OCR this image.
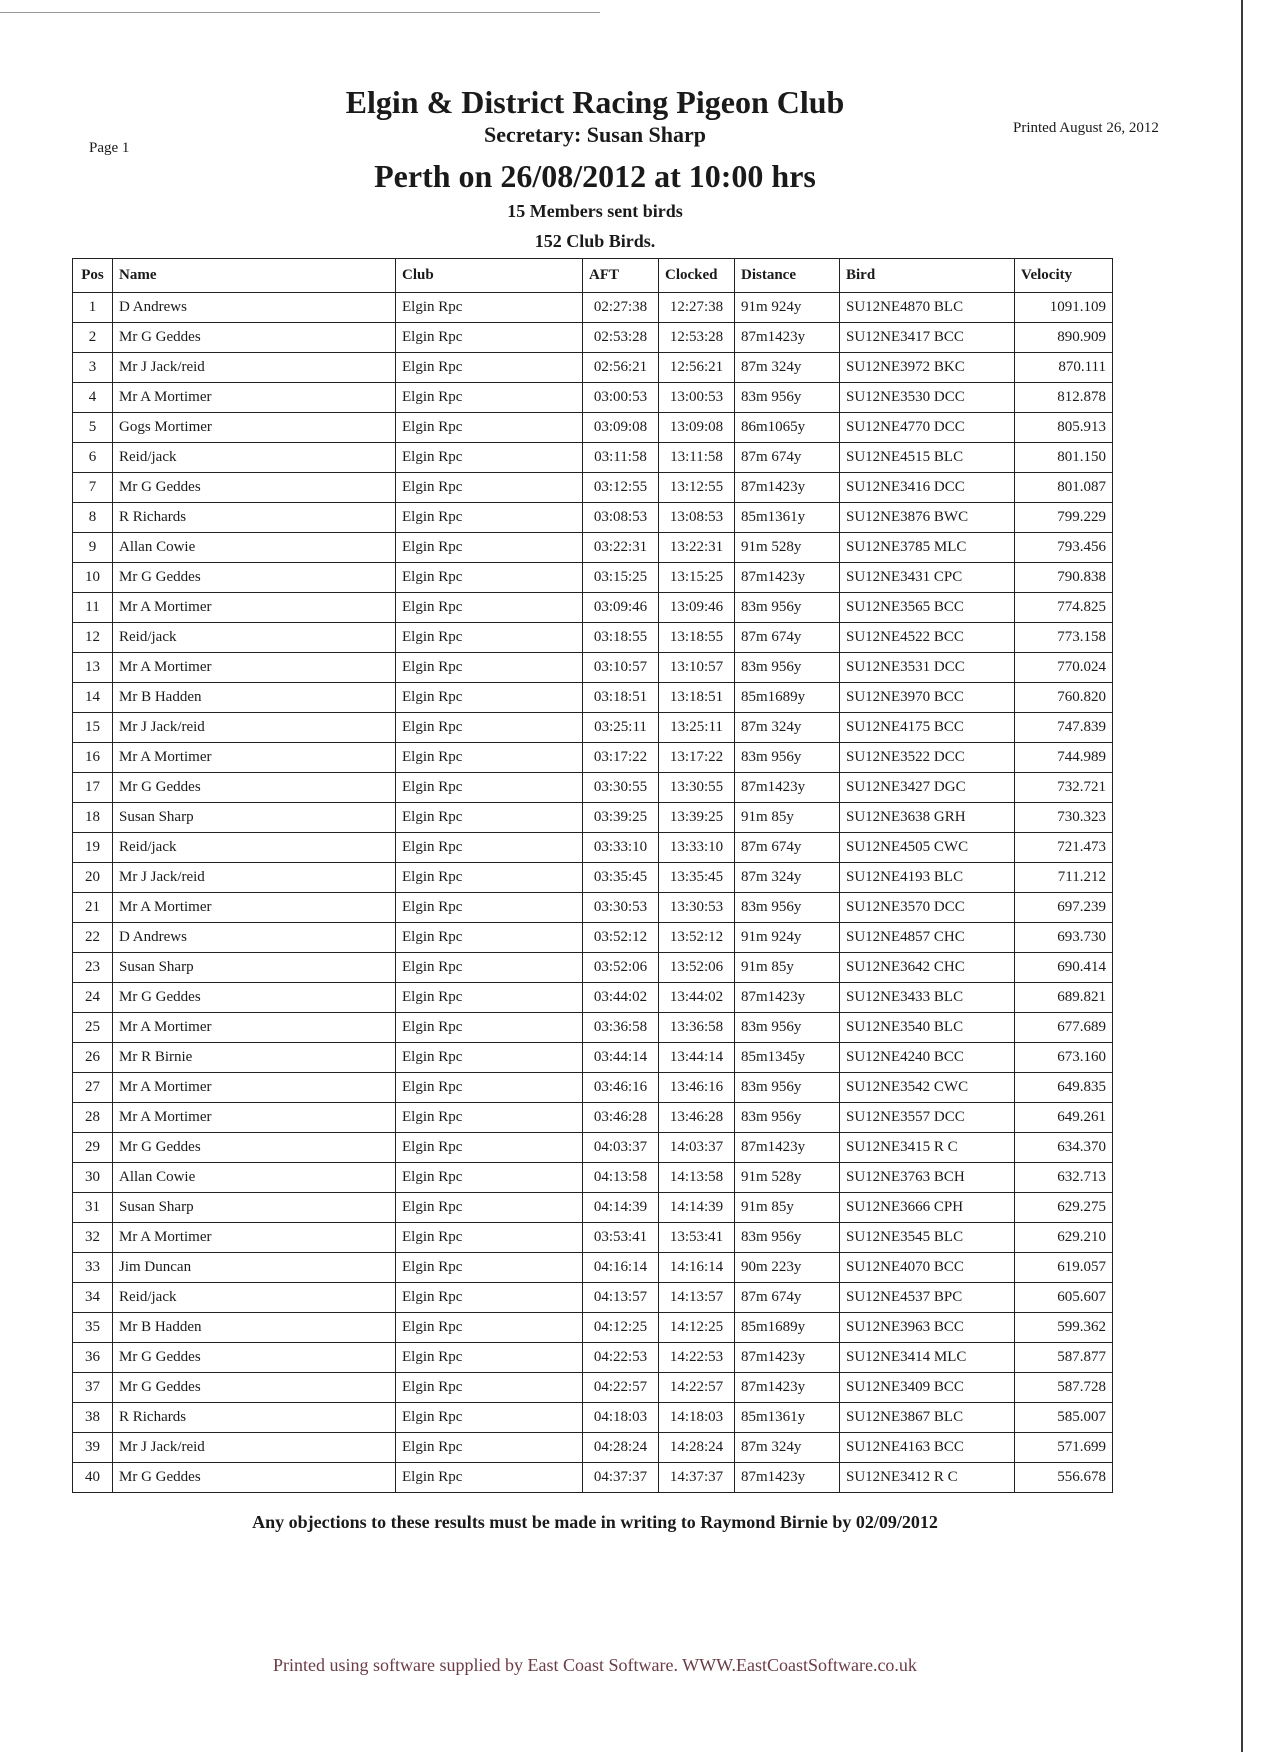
Elgin & District Racing Pigeon Club
Secretary: Susan Sharp
Page 1
Printed August 26, 2012
Perth on 26/08/2012 at 10:00 hrs
15 Members sent birds
152 Club Birds.
Pos	Name	Club	AFT	Clocked	Distance	Bird	Velocity
1	D Andrews	Elgin Rpc	02:27:38	12:27:38	91m 924y	SU12NE4870 BLC	1091.109
2	Mr G Geddes	Elgin Rpc	02:53:28	12:53:28	87m1423y	SU12NE3417 BCC	890.909
3	Mr J Jack/reid	Elgin Rpc	02:56:21	12:56:21	87m 324y	SU12NE3972 BKC	870.111
4	Mr A Mortimer	Elgin Rpc	03:00:53	13:00:53	83m 956y	SU12NE3530 DCC	812.878
5	Gogs Mortimer	Elgin Rpc	03:09:08	13:09:08	86m1065y	SU12NE4770 DCC	805.913
6	Reid/jack	Elgin Rpc	03:11:58	13:11:58	87m 674y	SU12NE4515 BLC	801.150
7	Mr G Geddes	Elgin Rpc	03:12:55	13:12:55	87m1423y	SU12NE3416 DCC	801.087
8	R Richards	Elgin Rpc	03:08:53	13:08:53	85m1361y	SU12NE3876 BWC	799.229
9	Allan Cowie	Elgin Rpc	03:22:31	13:22:31	91m 528y	SU12NE3785 MLC	793.456
10	Mr G Geddes	Elgin Rpc	03:15:25	13:15:25	87m1423y	SU12NE3431 CPC	790.838
11	Mr A Mortimer	Elgin Rpc	03:09:46	13:09:46	83m 956y	SU12NE3565 BCC	774.825
12	Reid/jack	Elgin Rpc	03:18:55	13:18:55	87m 674y	SU12NE4522 BCC	773.158
13	Mr A Mortimer	Elgin Rpc	03:10:57	13:10:57	83m 956y	SU12NE3531 DCC	770.024
14	Mr B Hadden	Elgin Rpc	03:18:51	13:18:51	85m1689y	SU12NE3970 BCC	760.820
15	Mr J Jack/reid	Elgin Rpc	03:25:11	13:25:11	87m 324y	SU12NE4175 BCC	747.839
16	Mr A Mortimer	Elgin Rpc	03:17:22	13:17:22	83m 956y	SU12NE3522 DCC	744.989
17	Mr G Geddes	Elgin Rpc	03:30:55	13:30:55	87m1423y	SU12NE3427 DGC	732.721
18	Susan Sharp	Elgin Rpc	03:39:25	13:39:25	91m 85y	SU12NE3638 GRH	730.323
19	Reid/jack	Elgin Rpc	03:33:10	13:33:10	87m 674y	SU12NE4505 CWC	721.473
20	Mr J Jack/reid	Elgin Rpc	03:35:45	13:35:45	87m 324y	SU12NE4193 BLC	711.212
21	Mr A Mortimer	Elgin Rpc	03:30:53	13:30:53	83m 956y	SU12NE3570 DCC	697.239
22	D Andrews	Elgin Rpc	03:52:12	13:52:12	91m 924y	SU12NE4857 CHC	693.730
23	Susan Sharp	Elgin Rpc	03:52:06	13:52:06	91m 85y	SU12NE3642 CHC	690.414
24	Mr G Geddes	Elgin Rpc	03:44:02	13:44:02	87m1423y	SU12NE3433 BLC	689.821
25	Mr A Mortimer	Elgin Rpc	03:36:58	13:36:58	83m 956y	SU12NE3540 BLC	677.689
26	Mr R Birnie	Elgin Rpc	03:44:14	13:44:14	85m1345y	SU12NE4240 BCC	673.160
27	Mr A Mortimer	Elgin Rpc	03:46:16	13:46:16	83m 956y	SU12NE3542 CWC	649.835
28	Mr A Mortimer	Elgin Rpc	03:46:28	13:46:28	83m 956y	SU12NE3557 DCC	649.261
29	Mr G Geddes	Elgin Rpc	04:03:37	14:03:37	87m1423y	SU12NE3415 R C	634.370
30	Allan Cowie	Elgin Rpc	04:13:58	14:13:58	91m 528y	SU12NE3763 BCH	632.713
31	Susan Sharp	Elgin Rpc	04:14:39	14:14:39	91m 85y	SU12NE3666 CPH	629.275
32	Mr A Mortimer	Elgin Rpc	03:53:41	13:53:41	83m 956y	SU12NE3545 BLC	629.210
33	Jim Duncan	Elgin Rpc	04:16:14	14:16:14	90m 223y	SU12NE4070 BCC	619.057
34	Reid/jack	Elgin Rpc	04:13:57	14:13:57	87m 674y	SU12NE4537 BPC	605.607
35	Mr B Hadden	Elgin Rpc	04:12:25	14:12:25	85m1689y	SU12NE3963 BCC	599.362
36	Mr G Geddes	Elgin Rpc	04:22:53	14:22:53	87m1423y	SU12NE3414 MLC	587.877
37	Mr G Geddes	Elgin Rpc	04:22:57	14:22:57	87m1423y	SU12NE3409 BCC	587.728
38	R Richards	Elgin Rpc	04:18:03	14:18:03	85m1361y	SU12NE3867 BLC	585.007
39	Mr J Jack/reid	Elgin Rpc	04:28:24	14:28:24	87m 324y	SU12NE4163 BCC	571.699
40	Mr G Geddes	Elgin Rpc	04:37:37	14:37:37	87m1423y	SU12NE3412 R C	556.678
Any objections to these results must be made in writing to Raymond Birnie by 02/09/2012
Printed using software supplied by East Coast Software. WWW.EastCoastSoftware.co.uk
